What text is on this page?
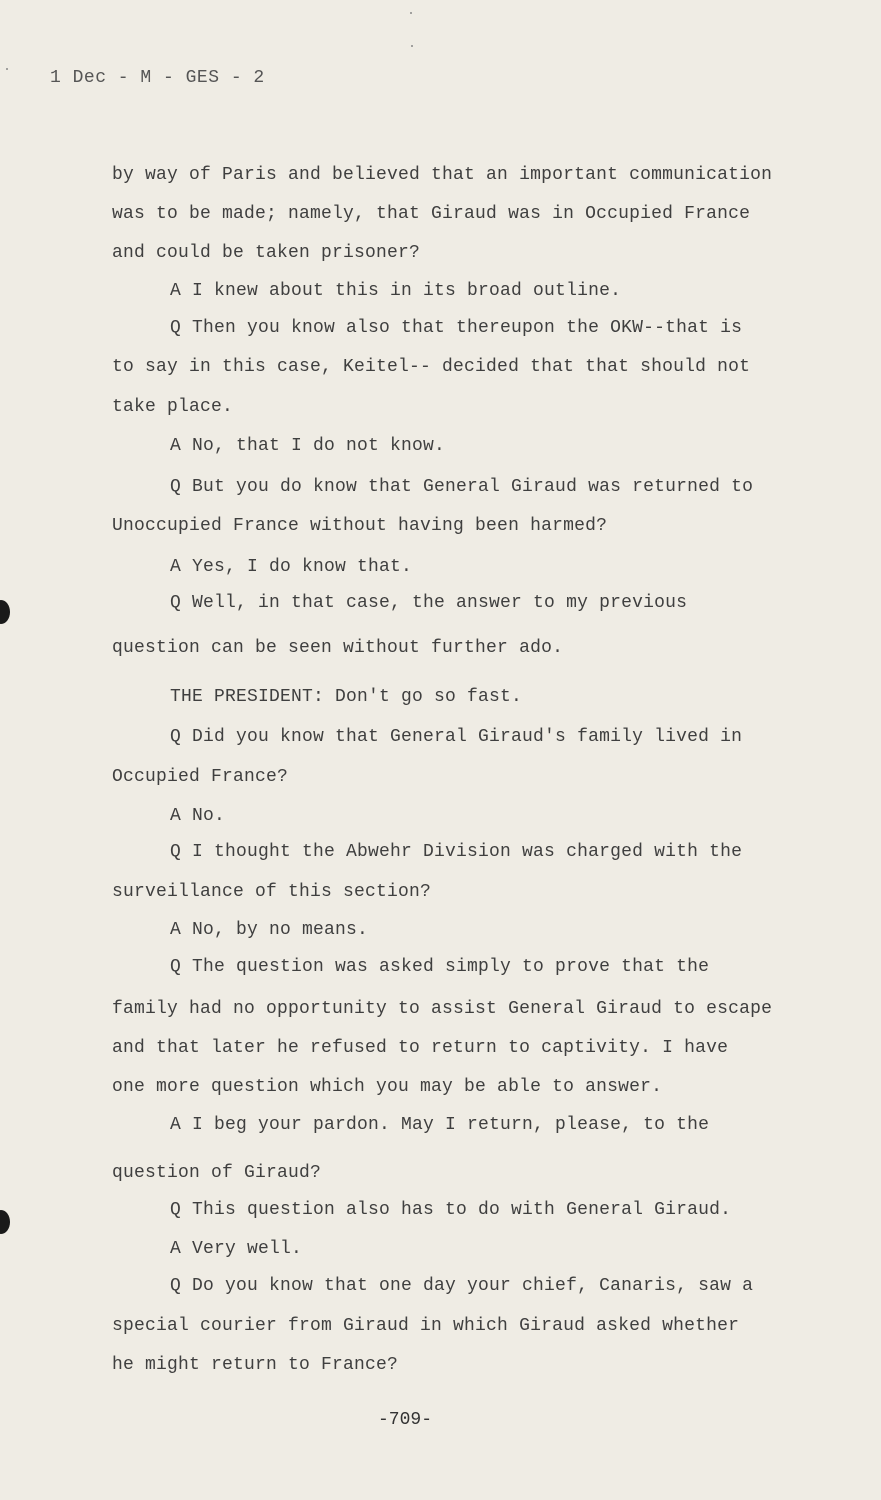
1 Dec - M - GES - 2
by way of Paris and believed that an important communication
was to be made; namely, that Giraud was in Occupied France
and could be taken prisoner?
A I knew about this in its broad outline.
Q Then you know also that thereupon the OKW--that is
to say in this case, Keitel-- decided that that should not
take place.
A No, that I do not know.
Q But you do know that General Giraud was returned to
Unoccupied France without having been harmed?
A Yes, I do know that.
Q Well, in that case, the answer to my previous
question can be seen without further ado.
THE PRESIDENT: Don't go so fast.
Q Did you know that General Giraud's family lived in
Occupied France?
A No.
Q I thought the Abwehr Division was charged with the
surveillance of this section?
A No, by no means.
Q The question was asked simply to prove that the
family had no opportunity to assist General Giraud to escape
and that later he refused to return to captivity. I have
one more question which you may be able to answer.
A I beg your pardon. May I return, please, to the
question of Giraud?
Q This question also has to do with General Giraud.
A Very well.
Q Do you know that one day your chief, Canaris, saw a
special courier from Giraud in which Giraud asked whether
he might return to France?
-709-
